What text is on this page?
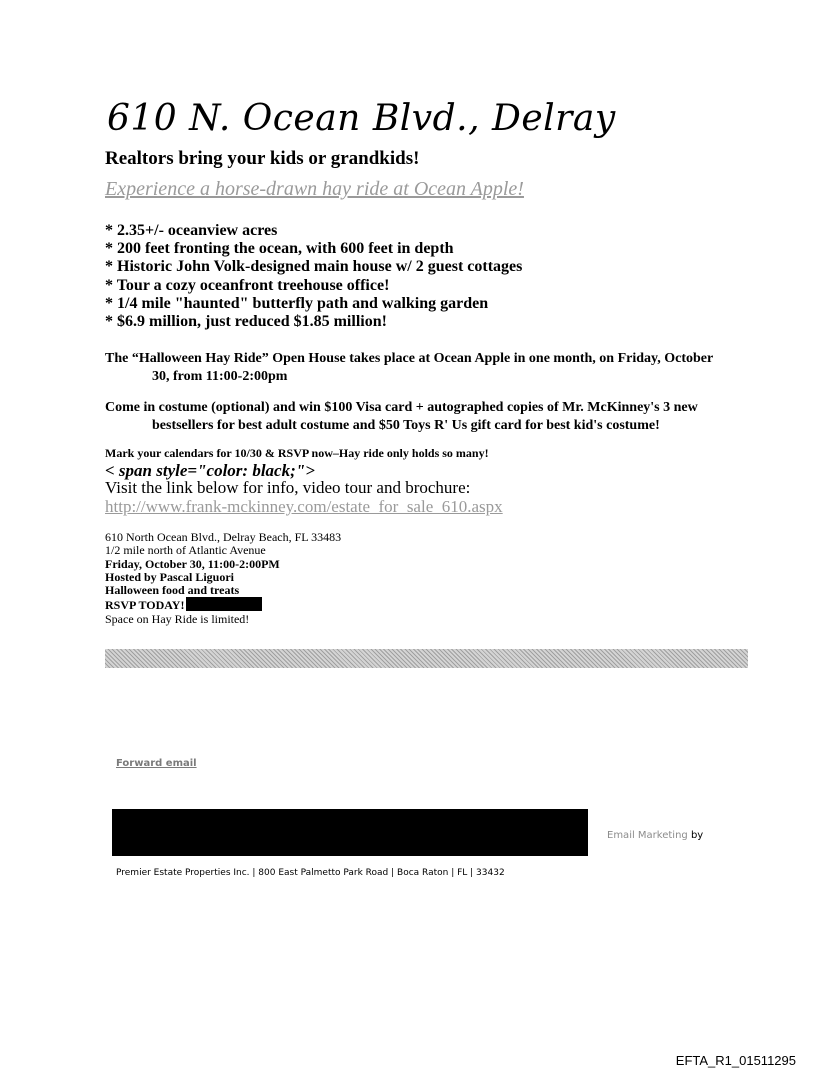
610 N. Ocean Blvd., Delray

Realtors bring your kids or grandkids!

Experience a horse-drawn hay ride at Ocean Apple!

* 2.35+/- oceanview acres
* 200 feet fronting the ocean, with 600 feet in depth
* Historic John Volk-designed main house w/ 2 guest cottages
* Tour a cozy oceanfront treehouse office!
* 1/4 mile "haunted" butterfly path and walking garden
* $6.9 million, just reduced $1.85 million!

The “Halloween Hay Ride” Open House takes place at Ocean Apple in one month, on Friday, October
30, from 11:00-2:00pm

Come in costume (optional) and win $100 Visa card + autographed copies of Mr. McKinney's 3 new
bestsellers for best adult costume and $50 Toys R' Us gift card for best kid's costume!

Mark your calendars for 10/30 & RSVP now–Hay ride only holds so many!

< span style="color: black;">

Visit the link below for info, video tour and brochure:

http://www.frank-mckinney.com/estate_for_sale_610.aspx

610 North Ocean Blvd., Delray Beach, FL 33483
1/2 mile north of Atlantic Avenue
Friday, October 30, 11:00-2:00PM
Hosted by Pascal Liguori
Halloween food and treats
RSVP TODAY!
Space on Hay Ride is limited!

Forward email

Email Marketing by

Premier Estate Properties Inc. | 800 East Palmetto Park Road | Boca Raton | FL | 33432

EFTA_R1_01511295
